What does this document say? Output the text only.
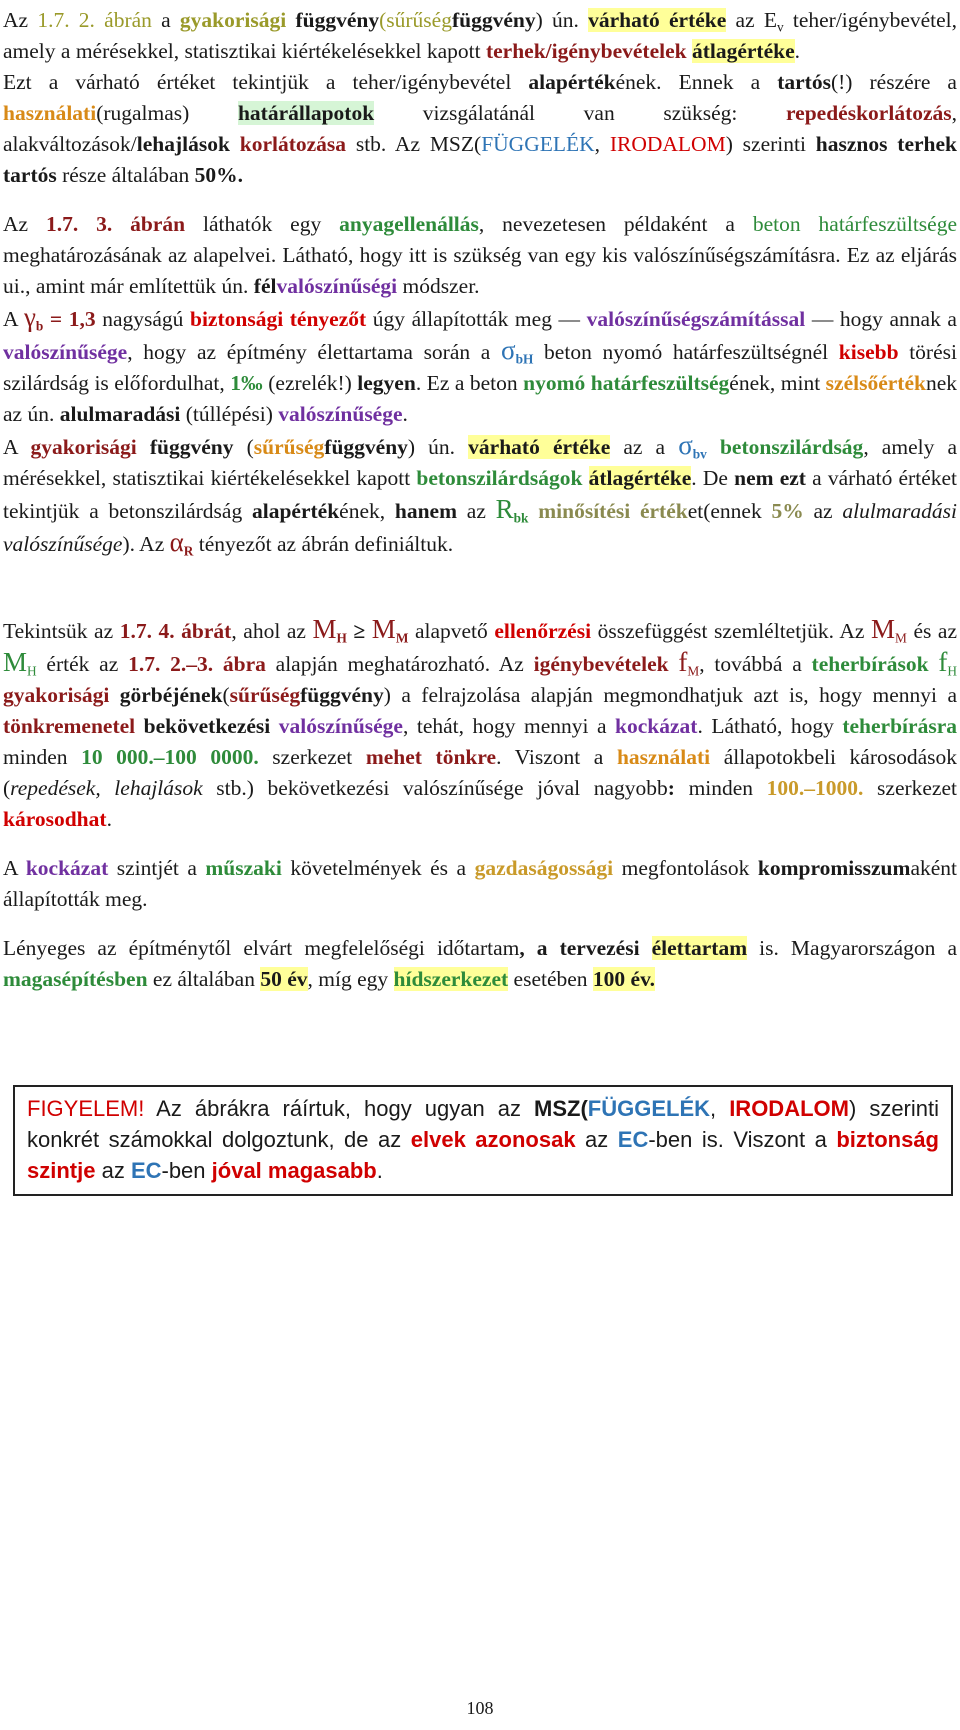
Az 1.7. 2. ábrán a gyakorisági függvény(sűrűségfüggvény) ún. várható értéke az $E_v$ teher/igénybevétel, amely a mérésekkel, statisztikai kiértékelésekkel kapott terhek/igénybevételek átlagértéke.

Ezt a várható értéket tekintjük a teher/igénybevétel alapértékének. Ennek a tartós(!) részére a használati(rugalmas) határállapotok vizsgálatánál van szükség: repedéskorlátozás, alakváltozások/lehajlások korlátozása stb. Az MSZ(FÜGGELÉK, IRODALOM) szerinti hasznos terhek tartós része általában 50%.

Az 1.7. 3. ábrán láthatók egy anyagellenállás, nevezetesen példaként a beton határfeszültsége meghatározásának az alapelvei. Látható, hogy itt is szükség van egy kis valószínűségszámításra. Ez az eljárás ui., amint már említettük ún. félvalószínűségi módszer.

A $\gamma_b = 1,3$ nagyságú biztonsági tényezőt úgy állapították meg — valószínűségszámítással — hogy annak a valószínűsége, hogy az építmény élettartama során a $\sigma_{bH}$ beton nyomó határfeszültségnél kisebb törési szilárdság is előfordulhat, 1‰ (ezrelék!) legyen. Ez a beton nyomó határfeszültségének, mint szélsőértéknek az ún. alulmaradási (túllépési) valószínűsége.

A gyakorisági függvény (sűrűségfüggvény) ún. várható értéke az a $\sigma_{bv}$ betonszilárdság, amely a mérésekkel, statisztikai kiértékelésekkel kapott betonszilárdságok átlagértéke. De nem ezt a várható értéket tekintjük a betonszilárdság alapértékének, hanem az $R_{bk}$ minősítési értéket(ennek 5% az alulmaradási valószínűsége). Az $\alpha_R$ tényezőt az ábrán definiáltuk.

Tekintsük az 1.7. 4. ábrát, ahol az $M_H \ge M_M$ alapvető ellenőrzési összefüggést szemléltetjük. Az $M_M$ és az $M_H$ érték az 1.7. 2.–3. ábra alapján meghatározható. Az igénybevételek $f_M$, továbbá a teherbírások $f_H$ gyakorisági görbéjének(sűrűségfüggvény) a felrajzolása alapján megmondhatjuk azt is, hogy mennyi a tönkremenetel bekövetkezési valószínűsége, tehát, hogy mennyi a kockázat. Látható, hogy teherbírásra minden 10 000.–100 0000. szerkezet mehet tönkre. Viszont a használati állapotokbeli károsodások (repedések, lehajlások stb.) bekövetkezési valószínűsége jóval nagyobb: minden 100.–1000. szerkezet károsodhat.

A kockázat szintjét a műszaki követelmények és a gazdaságossági megfontolások kompromisszumaként állapították meg.

Lényeges az építménytől elvárt megfelelőségi időtartam, a tervezési élettartam is. Magyarországon a magasépítésben ez általában 50 év, míg egy hídszerkezet esetében 100 év.

FIGYELEM! Az ábrákra ráírtuk, hogy ugyan az MSZ(FÜGGELÉK, IRODALOM) szerinti konkrét számokkal dolgoztunk, de az elvek azonosak az EC-ben is. Viszont a biztonság szintje az EC-ben jóval magasabb.
108
